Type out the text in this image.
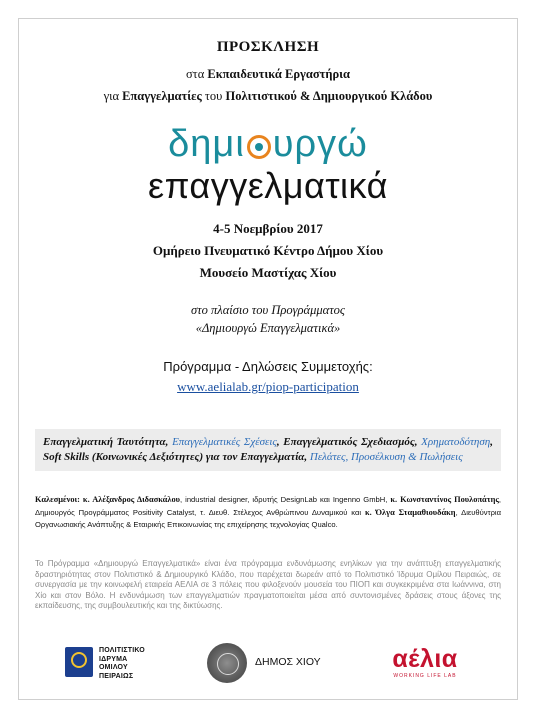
ΠΡΟΣΚΛΗΣΗ
στα Εκπαιδευτικά Εργαστήρια
για Επαγγελματίες του Πολιτιστικού & Δημιουργικού Κλάδου
δημι υργώ
επαγγελματικά
4-5 Νοεμβρίου 2017
Ομήρειο Πνευματικό Κέντρο Δήμου Χίου
Μουσείο Μαστίχας Χίου
στο πλαίσιο του Προγράμματος
«Δημιουργώ Επαγγελματικά»
Πρόγραμμα - Δηλώσεις Συμμετοχής:
www.aelialab.gr/piop-participation
Επαγγελματική Ταυτότητα, Επαγγελματικές Σχέσεις, Επαγγελματικός Σχεδιασμός, Χρηματοδότηση, Soft Skills (Κοινωνικές Δεξιότητες) για τον Επαγγελματία, Πελάτες, Προσέλκυση & Πωλήσεις
Καλεσμένοι: κ. Αλέξανδρος Διδασκάλου, industrial designer, ιδρυτής DesignLab και Ingenno GmbH, κ. Κωνσταντίνος Πουλοπάτης, Δημιουργός Προγράμματος Positivity Catalyst, τ. Διευθ. Στέλεχος Ανθρώπινου Δυναμικού και κ. Όλγα Σταμαθιουδάκη, Διευθύντρια Οργανωσιακής Ανάπτυξης & Εταιρικής Επικοινωνίας της επιχείρησης τεχνολογίας Qualco.
Το Πρόγραμμα «Δημιουργώ Επαγγελματικά» είναι ένα πρόγραμμα ενδυνάμωσης ενηλίκων για την ανάπτυξη επαγγελματικής δραστηριότητας στον Πολιτιστικό & Δημιουργικό Κλάδο, που παρέχεται δωρεάν από το Πολιτιστικό Ίδρυμα Ομίλου Πειραιώς, σε συνεργασία με την κοινωφελή εταιρεία ΑΕΛΙΑ σε 3 πόλεις που φιλοξενούν μουσεία του ΠΙΟΠ και συγκεκριμένα στα Ιωάννινα, στη Χίο και στον Βόλο. Η ενδυνάμωση των επαγγελματιών πραγματοποιείται μέσα από συντονισμένες δράσεις στους άξονες της εκπαίδευσης, της συμβουλευτικής και της δικτύωσης.
ΠΟΛΙΤΙΣΤΙΚΟ
ΙΔΡΥΜΑ
ΟΜΙΛΟΥ
ΠΕΙΡΑΙΩΣ
ΔΗΜΟΣ ΧΙΟΥ	αέλια
WORKING LIFE LAB
